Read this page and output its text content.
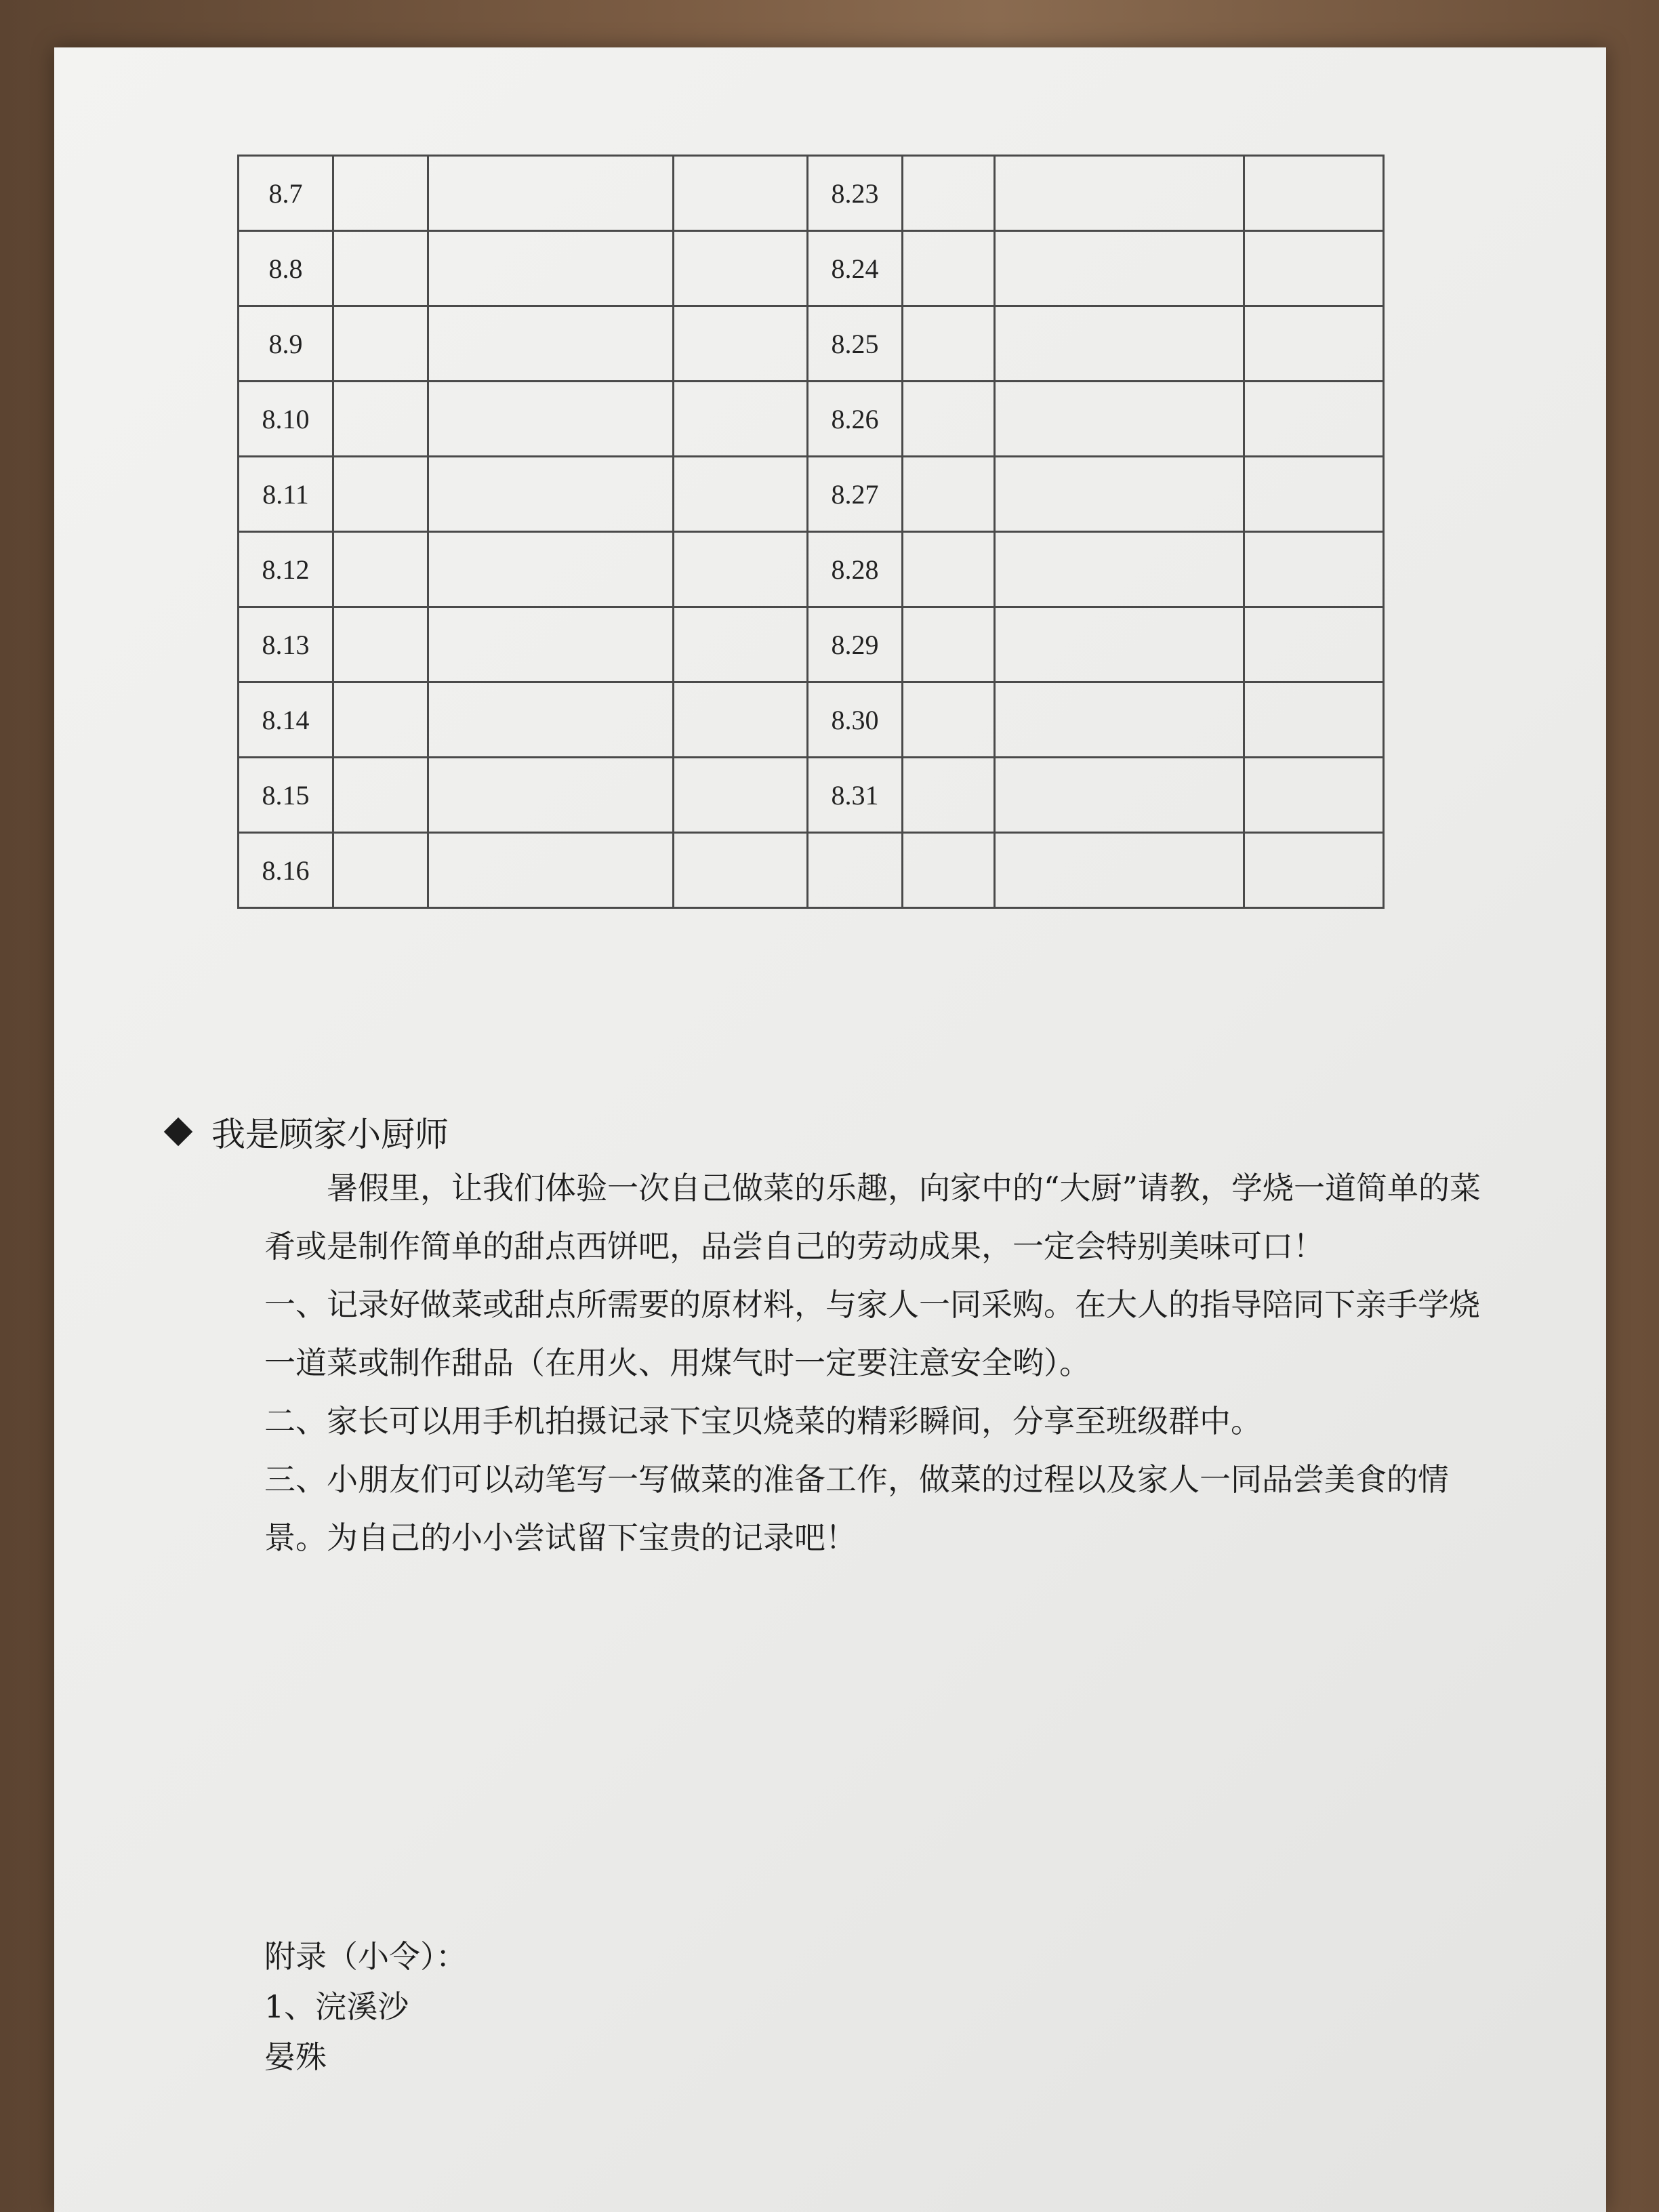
8.7				8.23			
8.8				8.24			
8.9				8.25			
8.10				8.26			
8.11				8.27			
8.12				8.28			
8.13				8.29			
8.14				8.30			
8.15				8.31			
8.16							
我是顾家小厨师

暑假里，让我们体验一次自己做菜的乐趣，向家中的“大厨”请教，学烧一道简单的菜肴或是制作简单的甜点西饼吧，品尝自己的劳动成果，一定会特别美味可口！

一、记录好做菜或甜点所需要的原材料，与家人一同采购。在大人的指导陪同下亲手学烧一道菜或制作甜品（在用火、用煤气时一定要注意安全哟）。

二、家长可以用手机拍摄记录下宝贝烧菜的精彩瞬间，分享至班级群中。

三、小朋友们可以动笔写一写做菜的准备工作，做菜的过程以及家人一同品尝美食的情景。为自己的小小尝试留下宝贵的记录吧！

附录（小令）：
1、浣溪沙
晏殊
